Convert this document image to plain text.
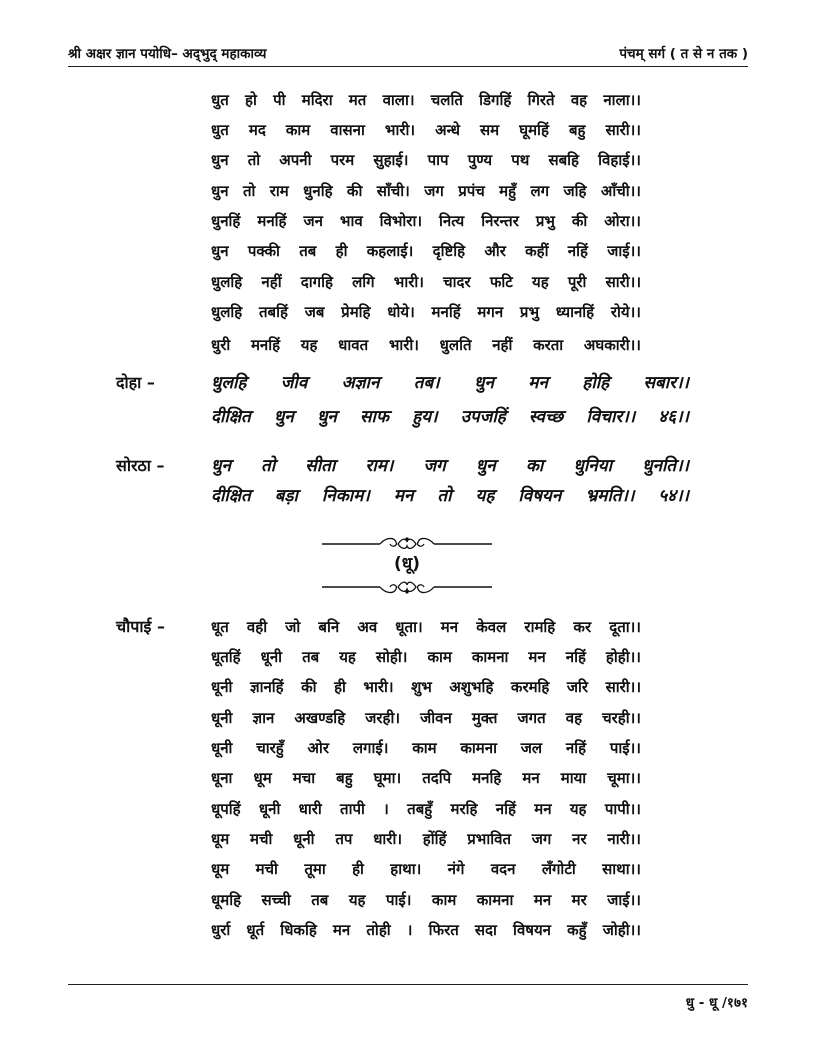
श्री अक्षर ज्ञान पयोधि– अद्‌भुद्‌ महाकाव्य	पंचम्‌ सर्ग ( त से न तक )
धुत हो पी मदिरा मत वाला। चलति डिगहिं गिरते वह नाला।।
धुत मद काम वासना भारी। अन्धे सम घूमहिं बहु सारी।।
धुन तो अपनी परम सुहाई। पाप पुण्य पथ सबहि विहाई।।
धुन तो राम धुनहि की साँची। जग प्रपंच महुँ लग जहि आँची।।
धुनहिं मनहिं जन भाव विभोरा। नित्य निरन्तर प्रभु की ओरा।।
धुन पक्की तब ही कहलाई। दृष्टिहि और कहीं नहिं जाई।।
धुलहि नहीं दागहि लगि भारी। चादर फटि यह पूरी सारी।।
धुलहि तबहिं जब प्रेमहि धोये। मनहिं मगन प्रभु ध्यानहिं रोये।।
धुरी मनहिं यह धावत भारी। धुलति नहीं करता अघकारी।।
दोहा –	धुलहि जीव अज्ञान तब। धुन मन होहि सबार।।
दीक्षित धुन धुन साफ हुय। उपजहिं स्वच्छ विचार।। ४६।।
सोरठा –	धुन तो सीता राम। जग धुन का धुनिया धुनति।।
दीक्षित बड़ा निकाम। मन तो यह विषयन भ्रमति।। ५४।।
(धू)
चौपाई –	धूत वही जो बनि अव धूता। मन केवल रामहि कर दूता।।
धूतहिं धूनी तब यह सोही। काम कामना मन नहिं होही।।
धूनी ज्ञानहिं की ही भारी। शुभ अशुभहि करमहि जरि सारी।।
धूनी ज्ञान अखण्डहि जरही। जीवन मुक्त जगत वह चरही।।
धूनी चारहुँ ओर लगाई। काम कामना जल नहिं पाई।।
धूना धूम मचा बहु घूमा। तदपि मनहि मन माया चूमा।।
धूपहिं धूनी धारी तापी । तबहुँ मरहि नहिं मन यह पापी।।
धूम मची धूनी तप धारी। होंहिं प्रभावित जग नर नारी।।
धूम मची तूमा ही हाथा। नंगे वदन लँगोटी साथा।।
धूमहि सच्ची तब यह पाई। काम कामना मन मर जाई।।
धुर्रा धूर्त धिकहि मन तोही । फिरत सदा विषयन कहुँ जोही।।
धु - धू /१७१
